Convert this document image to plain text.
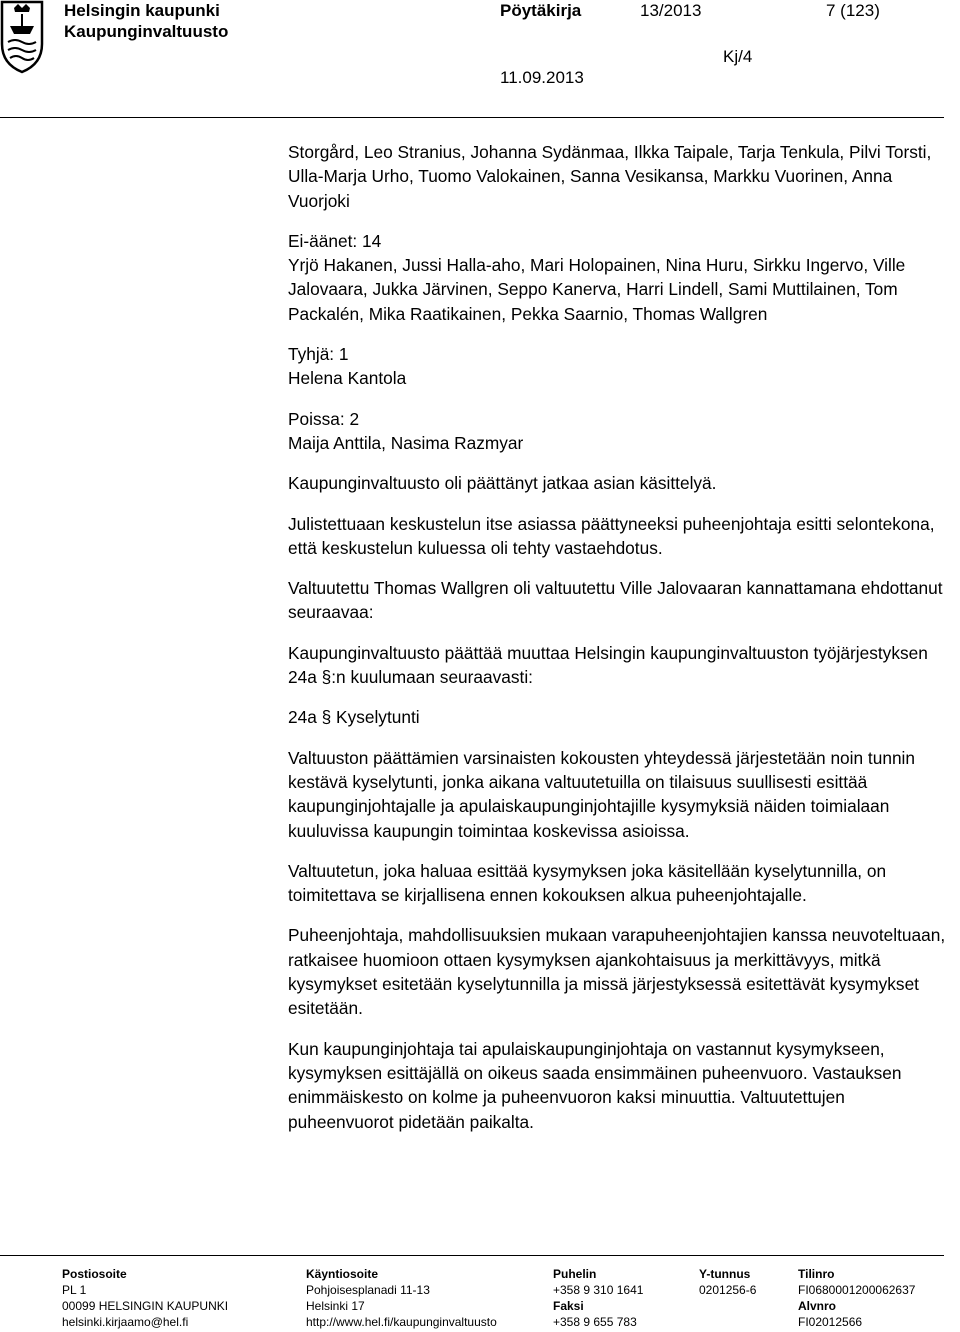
Helsingin kaupunki
Kaupunginvaltuusto
Pöytäkirja	13/2013	7 (123)
Kj/4
11.09.2013

Storgård, Leo Stranius, Johanna Sydänmaa, Ilkka Taipale, Tarja Tenkula, Pilvi Torsti, Ulla-Marja Urho, Tuomo Valokainen, Sanna Vesikansa, Markku Vuorinen, Anna Vuorjoki

Ei-äänet: 14

Yrjö Hakanen, Jussi Halla-aho, Mari Holopainen, Nina Huru, Sirkku Ingervo, Ville Jalovaara, Jukka Järvinen, Seppo Kanerva, Harri Lindell, Sami Muttilainen, Tom Packalén, Mika Raatikainen, Pekka Saarnio, Thomas Wallgren

Tyhjä: 1

Helena Kantola

Poissa: 2

Maija Anttila, Nasima Razmyar

Kaupunginvaltuusto oli päättänyt jatkaa asian käsittelyä.

Julistettuaan keskustelun itse asiassa päättyneeksi puheenjohtaja esitti selontekona, että keskustelun kuluessa oli tehty vastaehdotus.

Valtuutettu Thomas Wallgren oli valtuutettu Ville Jalovaaran kannattamana ehdottanut seuraavaa:

Kaupunginvaltuusto päättää muuttaa Helsingin kaupunginvaltuuston työjärjestyksen 24a §:n kuulumaan seuraavasti:

24a § Kyselytunti

Valtuuston päättämien varsinaisten kokousten yhteydessä järjestetään noin tunnin kestävä kyselytunti, jonka aikana valtuutetuilla on tilaisuus suullisesti esittää kaupunginjohtajalle ja apulaiskaupunginjohtajille kysymyksiä näiden toimialaan kuuluvissa kaupungin toimintaa koskevissa asioissa.

Valtuutetun, joka haluaa esittää kysymyksen joka käsitellään kyselytunnilla, on toimitettava se kirjallisena ennen kokouksen alkua puheenjohtajalle.

Puheenjohtaja, mahdollisuuksien mukaan varapuheenjohtajien kanssa neuvoteltuaan, ratkaisee huomioon ottaen kysymyksen ajankohtaisuus ja merkittävyys, mitkä kysymykset esitetään kyselytunnilla ja missä järjestyksessä esitettävät kysymykset esitetään.

Kun kaupunginjohtaja tai apulaiskaupunginjohtaja on vastannut kysymykseen, kysymyksen esittäjällä on oikeus saada ensimmäinen puheenvuoro. Vastauksen enimmäiskesto on kolme ja puheenvuoron kaksi minuuttia. Valtuutettujen puheenvuorot pidetään paikalta.

Postiosoite
PL 1
00099 HELSINGIN KAUPUNKI
helsinki.kirjaamo@hel.fi
Käyntiosoite
Pohjoisesplanadi 11-13
Helsinki 17
http://www.hel.fi/kaupunginvaltuusto
Puhelin
+358 9 310 1641
Faksi
+358 9 655 783
Y-tunnus
0201256-6
Tilinro
FI0680001200062637
Alvnro
FI02012566
